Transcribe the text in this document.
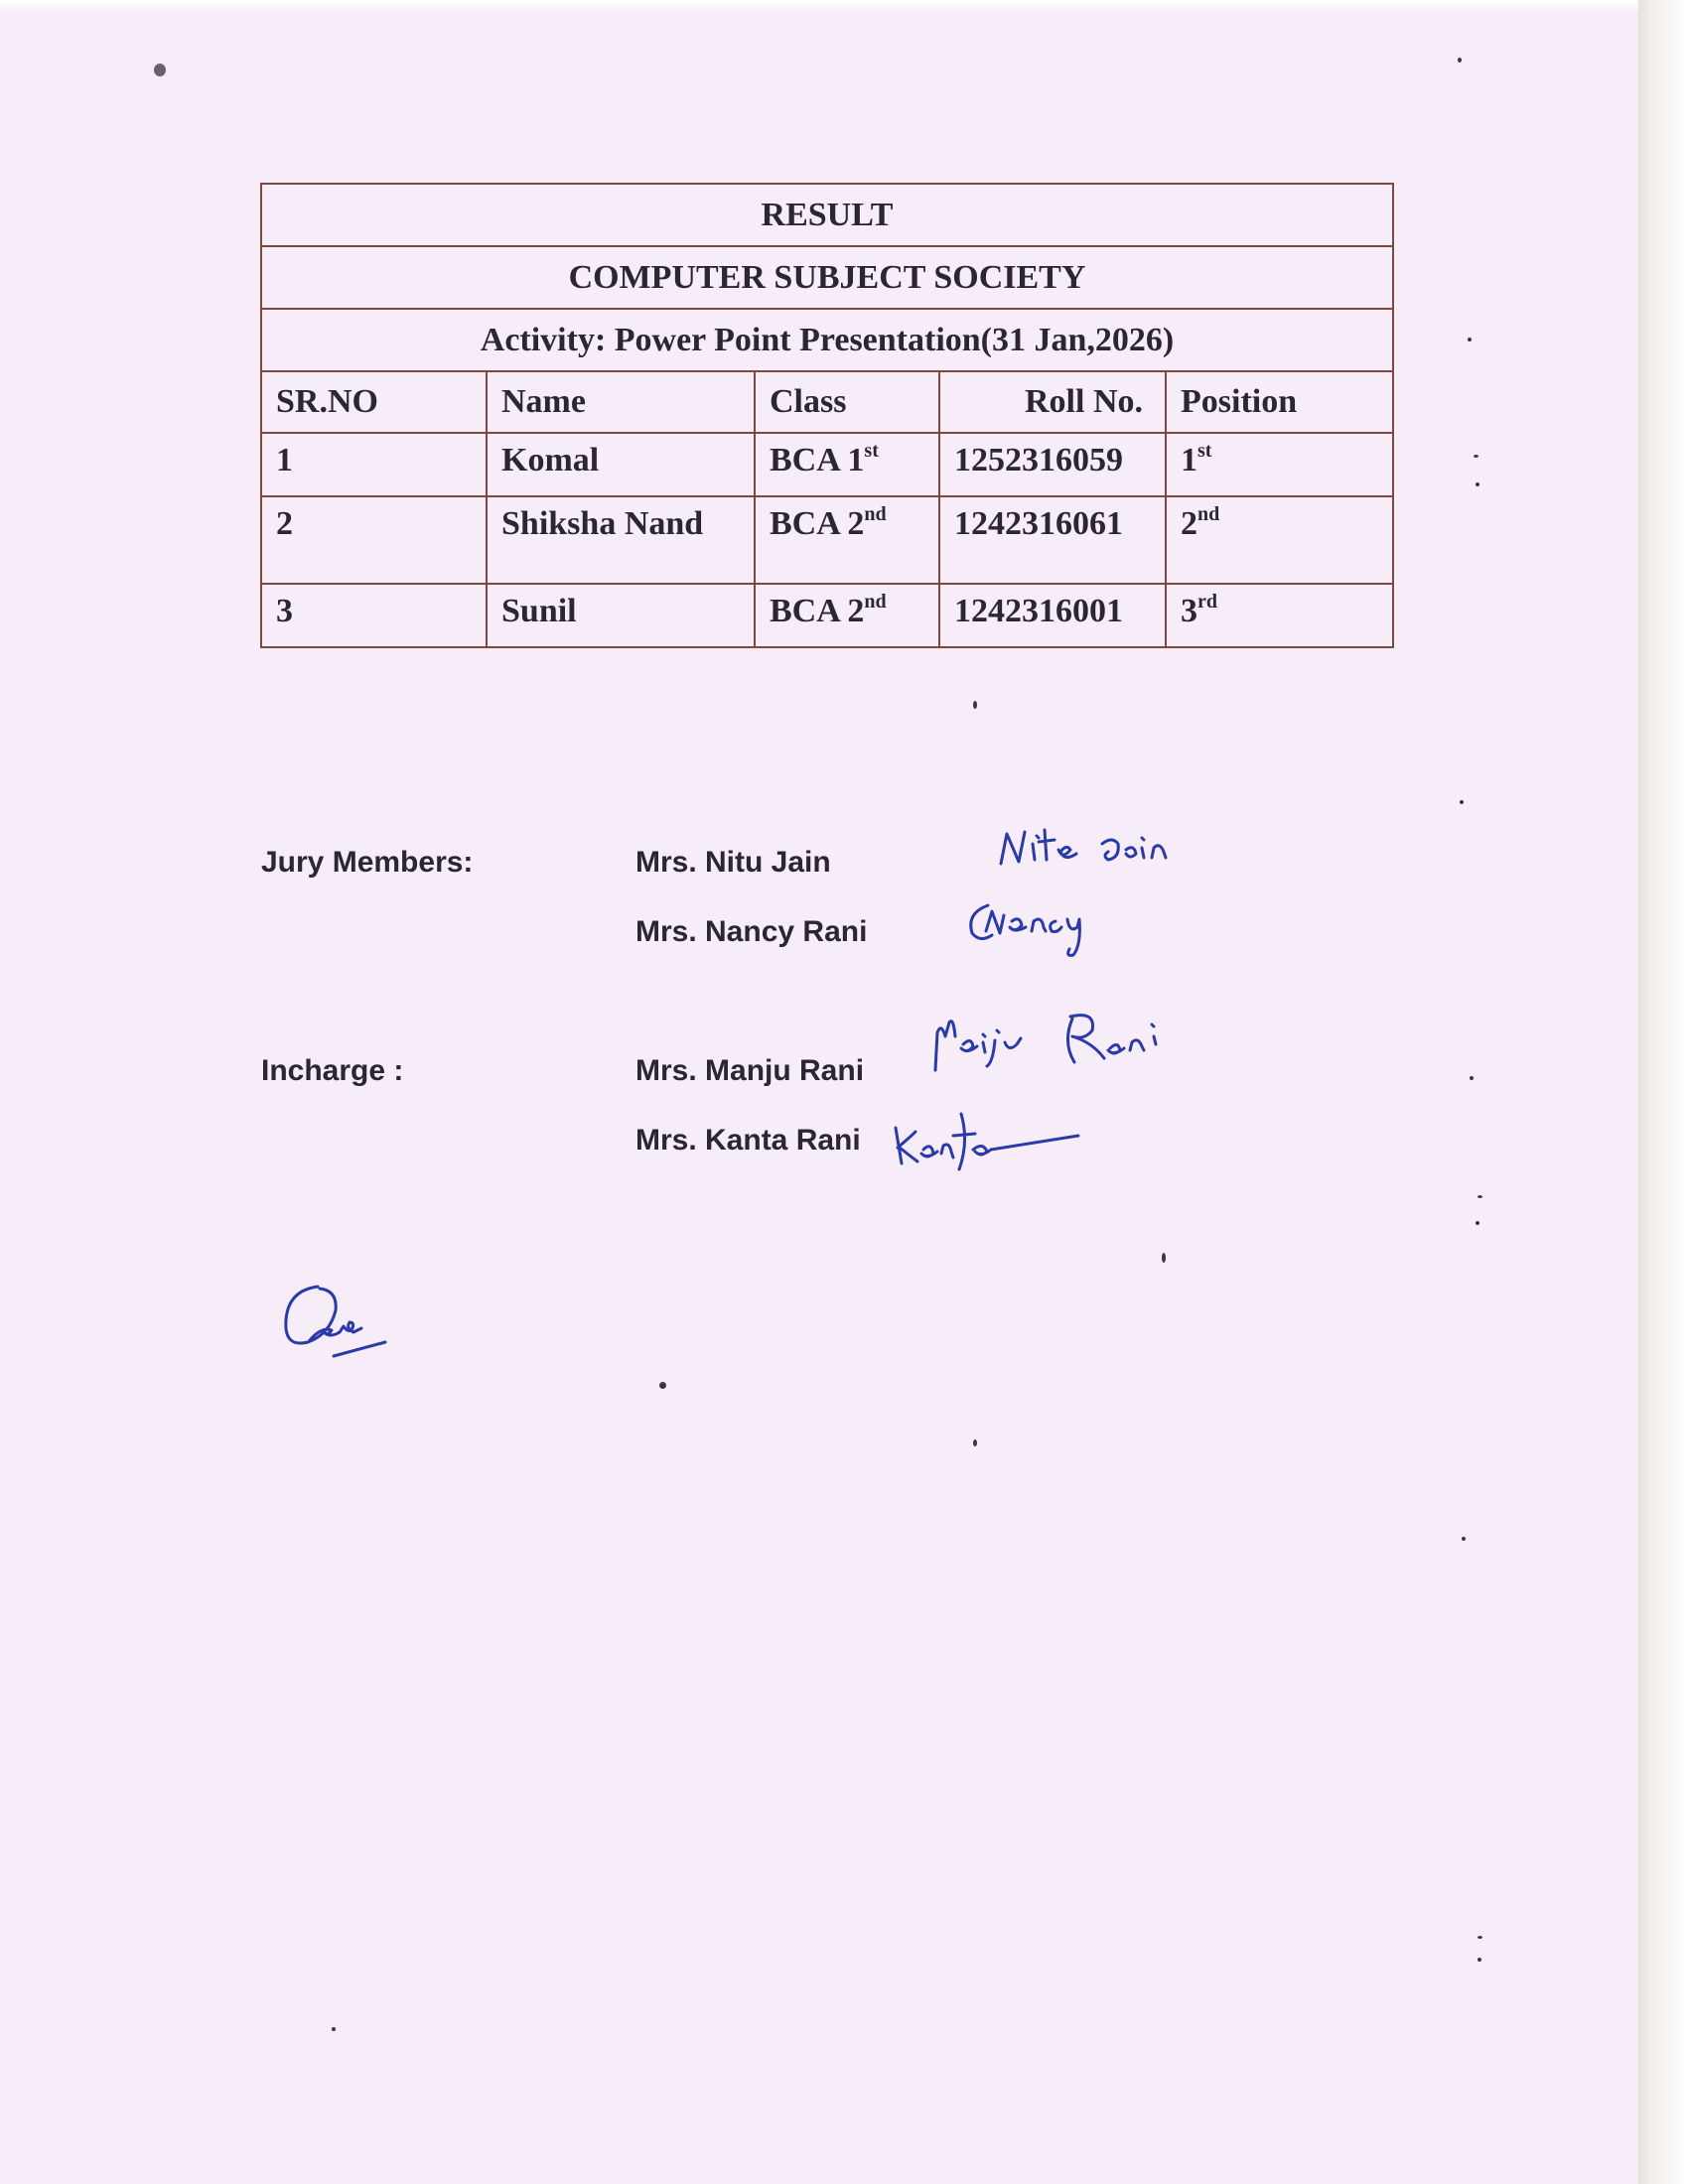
RESULT				
COMPUTER SUBJECT SOCIETY				
Activity: Power Point Presentation(31 Jan,2026)				
SR.NO	Name	Class	Roll No.	Position
1	Komal	BCA 1st	1252316059	1st
2	Shiksha Nand	BCA 2nd	1242316061	2nd
3	Sunil	BCA 2nd	1242316001	3rd
Jury Members:	Mrs. Nitu Jain
Mrs. Nancy Rani
Incharge :	Mrs. Manju Rani
Mrs. Kanta Rani
